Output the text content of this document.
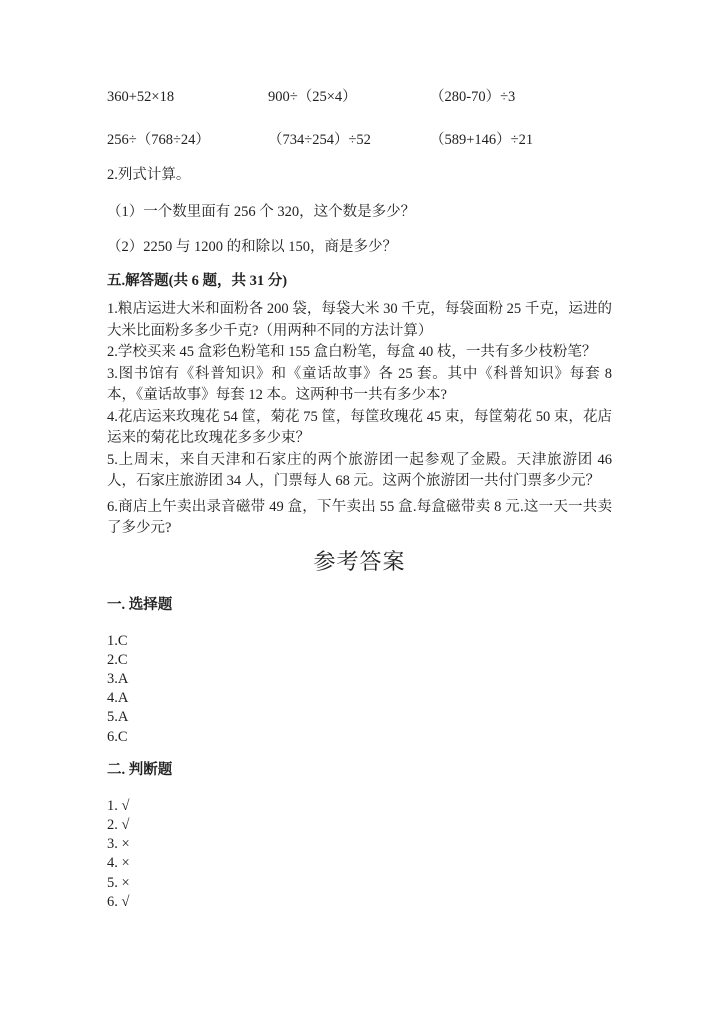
360+52×18	900÷（25×4）	（280-70）÷3
256÷（768÷24）	（734÷254）÷52	（589+146）÷21

2.列式计算。

（1）一个数里面有 256 个 320，这个数是多少？

（2）2250 与 1200 的和除以 150，商是多少？

五.解答题(共 6 题，共 31 分)

1.粮店运进大米和面粉各 200 袋，每袋大米 30 千克，每袋面粉 25 千克，运进的大米比面粉多多少千克?（用两种不同的方法计算）

2.学校买来 45 盒彩色粉笔和 155 盒白粉笔，每盒 40 枝，一共有多少枝粉笔？

3.图书馆有《科普知识》和《童话故事》各 25 套。其中《科普知识》每套 8 本，《童话故事》每套 12 本。这两种书一共有多少本?

4.花店运来玫瑰花 54 筐，菊花 75 筐，每筐玫瑰花 45 束，每筐菊花 50 束，花店运来的菊花比玫瑰花多多少束？

5.上周末，来自天津和石家庄的两个旅游团一起参观了金殿。天津旅游团 46 人，石家庄旅游团 34 人，门票每人 68 元。这两个旅游团一共付门票多少元？

6.商店上午卖出录音磁带 49 盒，下午卖出 55 盒.每盒磁带卖 8 元.这一天一共卖了多少元?

参考答案

一. 选择题

1.C
2.C
3.A
4.A
5.A
6.C

二. 判断题

1. √
2. √
3. ×
4. ×
5. ×
6. √
